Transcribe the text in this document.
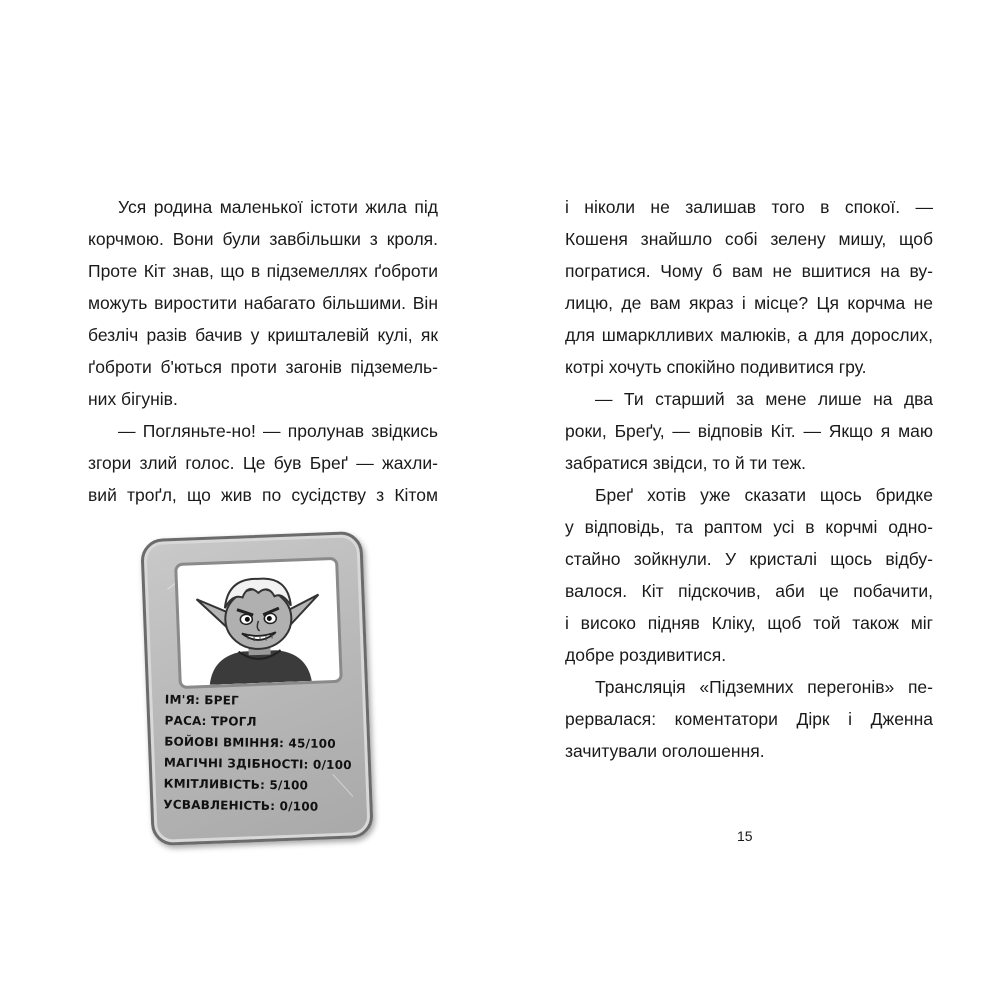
Уся родина маленької істоти жила під
корчмою. Вони були завбільшки з кроля.
Проте Кіт знав, що в підземеллях ґоброти
можуть виростити набагато більшими. Він
безліч разів бачив у кришталевій кулі, як
ґоброти б'ються проти загонів підземель-
них бігунів.
— Погляньте-но! — пролунав звідкись
згори злий голос. Це був Бреґ — жахли-
вий троґл, що жив по сусідству з Кітом
і ніколи не залишав того в спокої. —
Кошеня знайшло собі зелену мишу, щоб
погратися. Чому б вам не вшитися на ву-
лицю, де вам якраз і місце? Ця корчма не
для шмарклливих малюків, а для дорослих,
котрі хочуть спокійно подивитися гру.
— Ти старший за мене лише на два
роки, Бреґу, — відповів Кіт. — Якщо я маю
забратися звідси, то й ти теж.
Бреґ хотів уже сказати щось бридке
у відповідь, та раптом усі в корчмі одно-
стайно зойкнули. У кристалі щось відбу-
валося. Кіт підскочив, аби це побачити,
і високо підняв Кліку, щоб той також міг
добре роздивитися.
Трансляція «Підземних перегонів» пе-
рервалася: коментатори Дірк і Дженна
зачитували оголошення.
ІМ'Я: БРЕГ
РАСА: ТРОГЛ
БОЙОВІ ВМІННЯ: 45/100
МАГІЧНІ ЗДІБНОСТІ: 0/100
КМІТЛИВІСТЬ: 5/100
УСВАВЛЕНІСТЬ: 0/100
15
